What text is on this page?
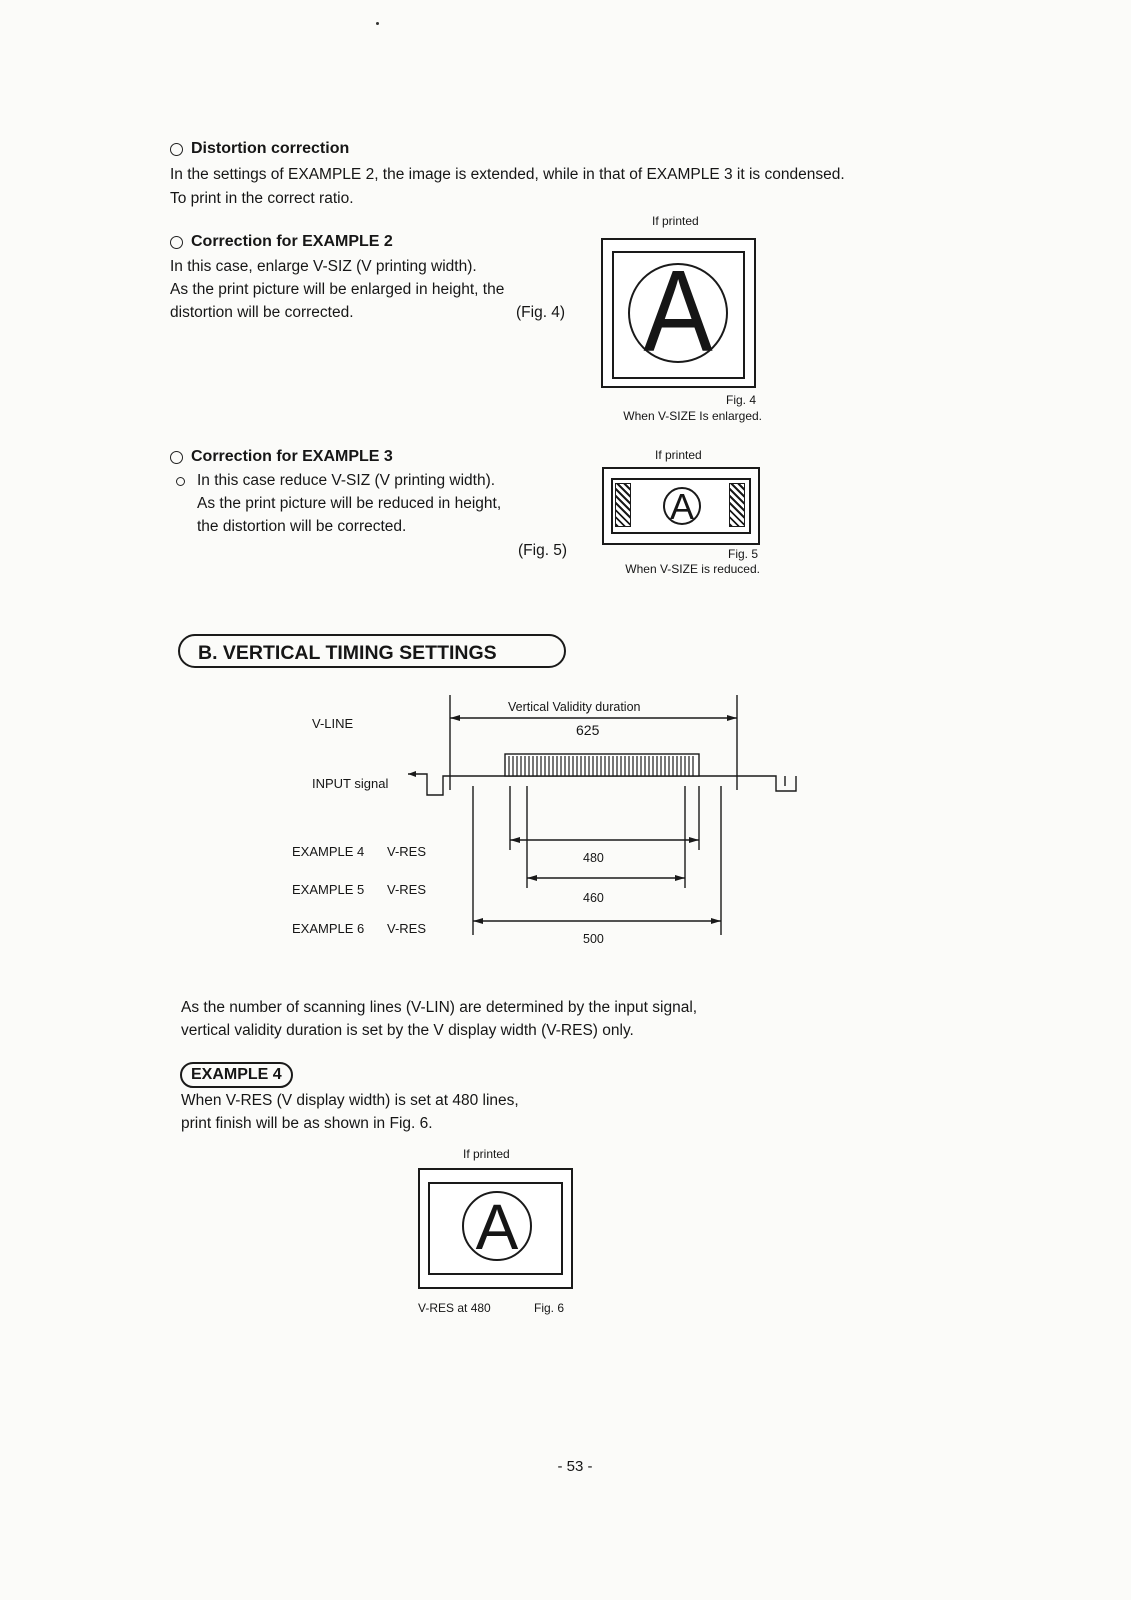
Distortion correction

In the settings of EXAMPLE 2, the image is extended, while in that of EXAMPLE 3 it is condensed.

To print in the correct ratio.

Correction for EXAMPLE 2

In this case, enlarge V-SIZ (V printing width).

As the print picture will be enlarged in height, the

distortion will be corrected.	(Fig. 4)

If printed
A
Fig. 4
When V-SIZE Is enlarged.
Correction for EXAMPLE 3

In this case reduce V-SIZ (V printing width).

As the print picture will be reduced in height,

the distortion will be corrected.

(Fig. 5)

If printed
A
Fig. 5
When V-SIZE is reduced.
B. VERTICAL TIMING SETTINGS
V-LINE
INPUT signal
Vertical Validity duration
625
EXAMPLE 4 V-RES	480
EXAMPLE 5 V-RES
460
EXAMPLE 6 V-RES
500

As the number of scanning lines (V-LIN) are determined by the input signal,

vertical validity duration is set by the V display width (V-RES) only.

EXAMPLE 4

When V-RES (V display width) is set at 480 lines,

print finish will be as shown in Fig. 6.

If printed
A
V-RES at 480	Fig. 6
- 53 -
